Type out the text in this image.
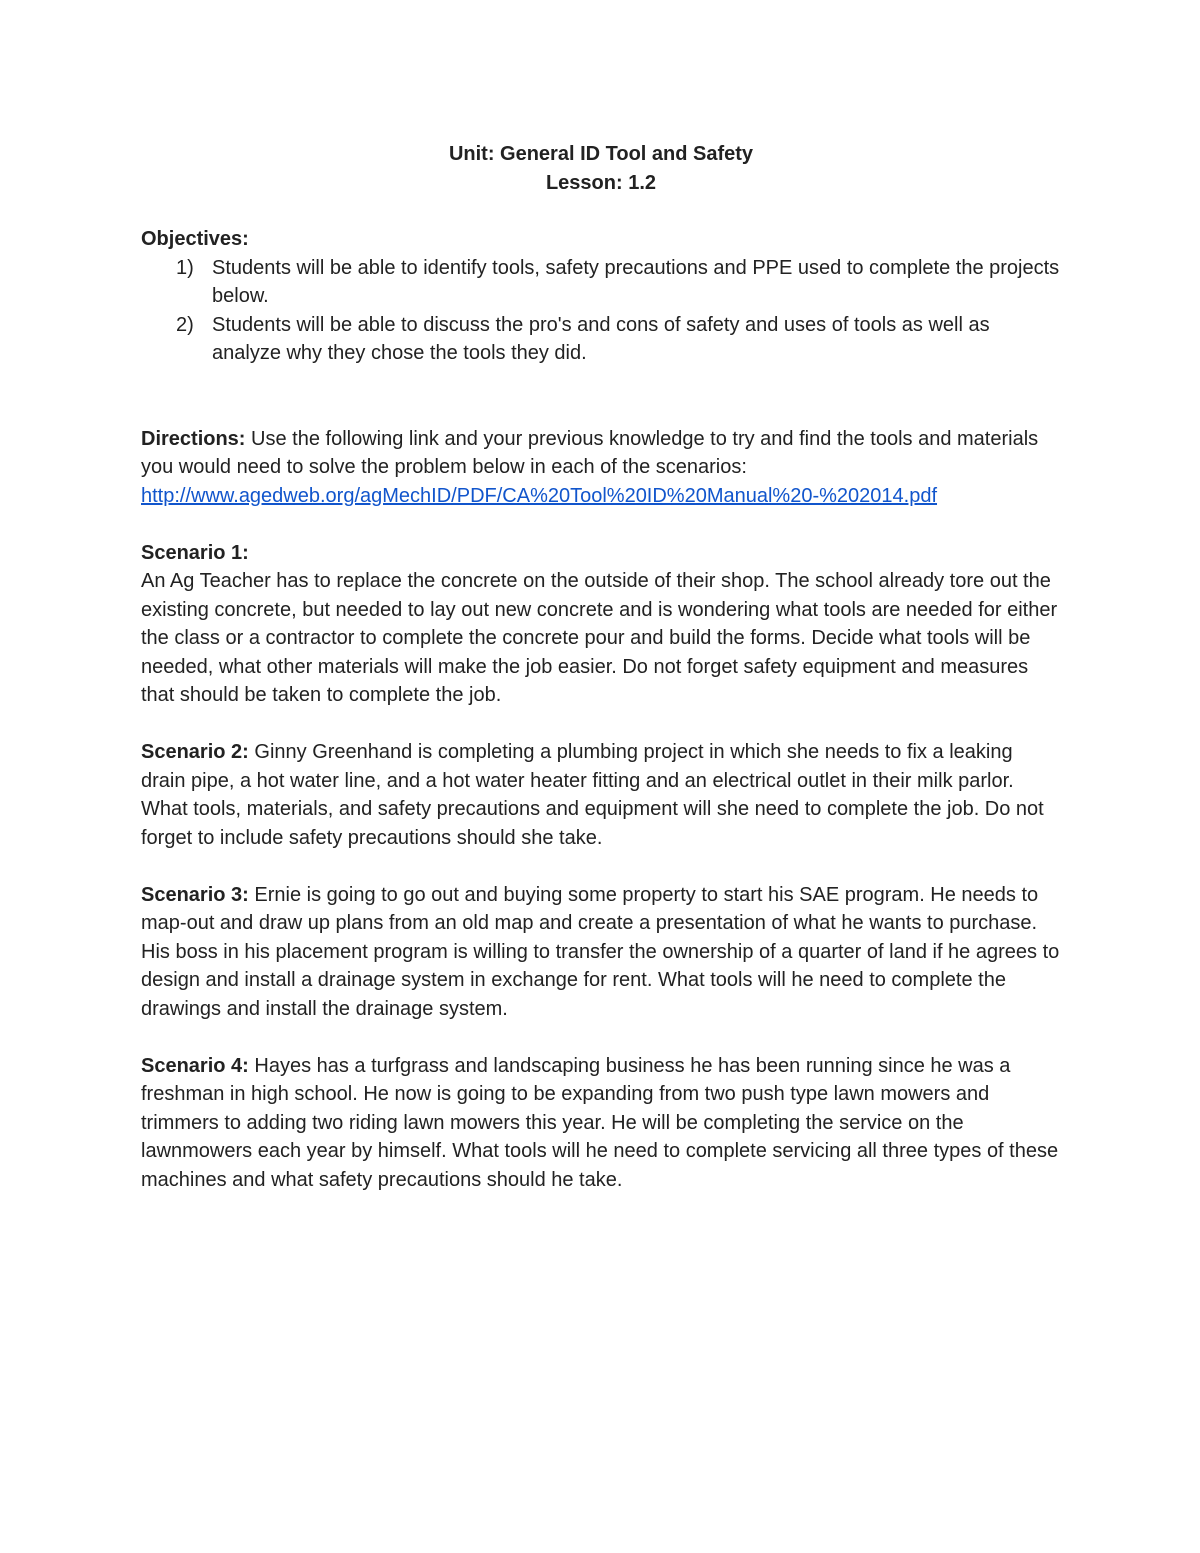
Unit: General ID Tool and Safety
Lesson: 1.2
Objectives:
1) Students will be able to identify tools, safety precautions and PPE used to complete the projects below.
2) Students will be able to discuss the pro's and cons of safety and uses of tools as well as analyze why they chose the tools they did.

Directions: Use the following link and your previous knowledge to try and find the tools and materials you would need to solve the problem below in each of the scenarios:
http://www.agedweb.org/agMechID/PDF/CA%20Tool%20ID%20Manual%20-%202014.pdf

Scenario 1:

An Ag Teacher has to replace the concrete on the outside of their shop. The school already tore out the existing concrete, but needed to lay out new concrete and is wondering what tools are needed for either the class or a contractor to complete the concrete pour and build the forms. Decide what tools will be needed, what other materials will make the job easier. Do not forget safety equipment and measures that should be taken to complete the job.

Scenario 2: Ginny Greenhand is completing a plumbing project in which she needs to fix a leaking drain pipe, a hot water line, and a hot water heater fitting and an electrical outlet in their milk parlor. What tools, materials, and safety precautions and equipment will she need to complete the job. Do not forget to include safety precautions should she take.

Scenario 3: Ernie is going to go out and buying some property to start his SAE program. He needs to map-out and draw up plans from an old map and create a presentation of what he wants to purchase. His boss in his placement program is willing to transfer the ownership of a quarter of land if he agrees to design and install a drainage system in exchange for rent. What tools will he need to complete the drawings and install the drainage system.

Scenario 4: Hayes has a turfgrass and landscaping business he has been running since he was a freshman in high school. He now is going to be expanding from two push type lawn mowers and trimmers to adding two riding lawn mowers this year. He will be completing the service on the lawnmowers each year by himself. What tools will he need to complete servicing all three types of these machines and what safety precautions should he take.
